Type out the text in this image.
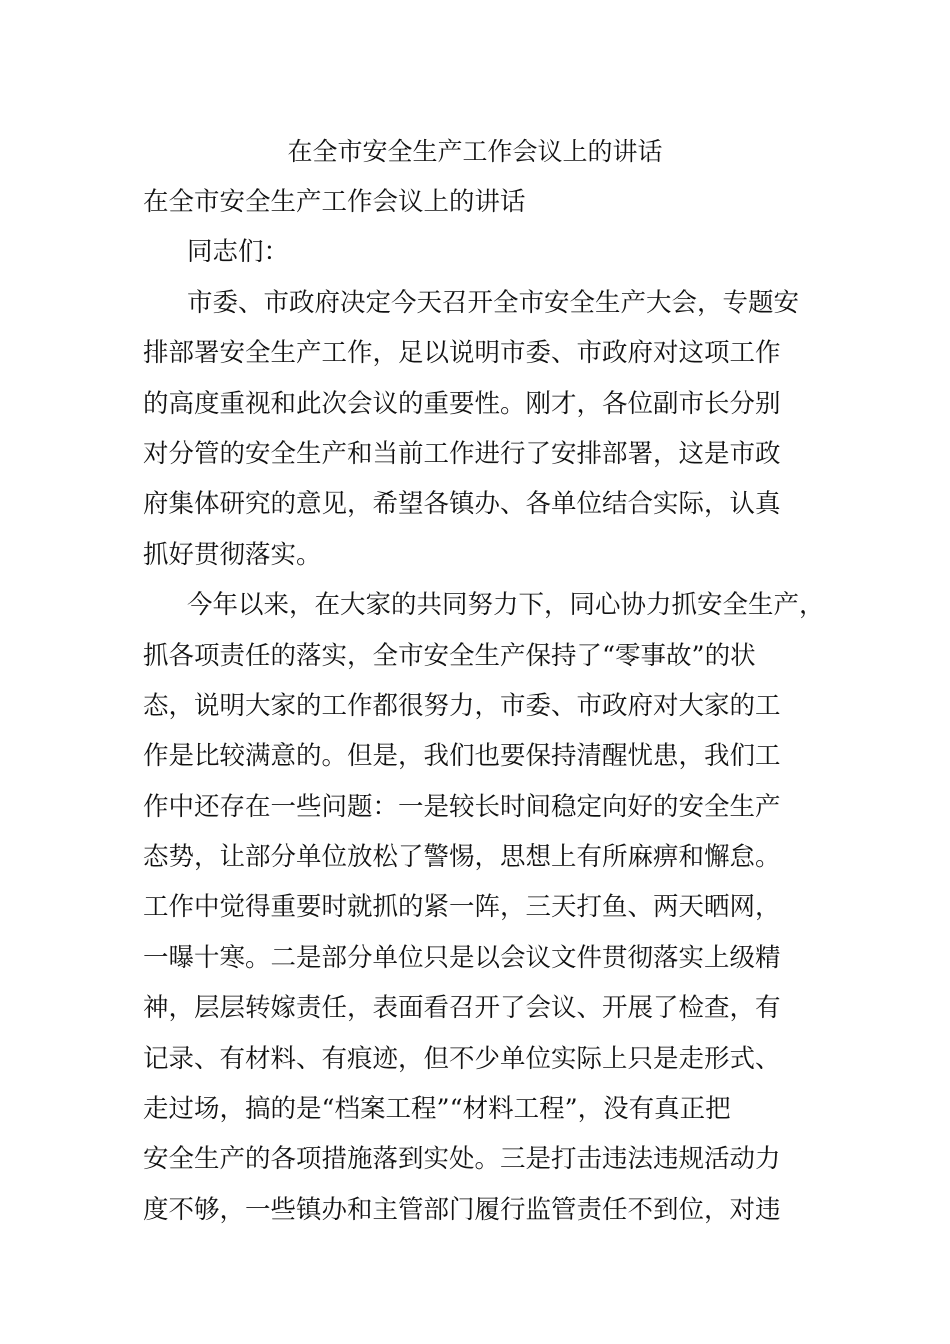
在全市安全生产工作会议上的讲话

在全市安全生产工作会议上的讲话

同志们：

市委、市政府决定今天召开全市安全生产大会，专题安

排部署安全生产工作，足以说明市委、市政府对这项工作

的高度重视和此次会议的重要性。刚才，各位副市长分别

对分管的安全生产和当前工作进行了安排部署，这是市政

府集体研究的意见，希望各镇办、各单位结合实际，认真

抓好贯彻落实。

今年以来，在大家的共同努力下，同心协力抓安全生产，

抓各项责任的落实，全市安全生产保持了“零事故”的状

态，说明大家的工作都很努力，市委、市政府对大家的工

作是比较满意的。但是，我们也要保持清醒忧患，我们工

作中还存在一些问题：一是较长时间稳定向好的安全生产

态势，让部分单位放松了警惕，思想上有所麻痹和懈怠。

工作中觉得重要时就抓的紧一阵，三天打鱼、两天晒网，

一曝十寒。二是部分单位只是以会议文件贯彻落实上级精

神，层层转嫁责任，表面看召开了会议、开展了检查，有

记录、有材料、有痕迹，但不少单位实际上只是走形式、

走过场，搞的是“档案工程”“材料工程”，没有真正把

安全生产的各项措施落到实处。三是打击违法违规活动力

度不够，一些镇办和主管部门履行监管责任不到位，对违
